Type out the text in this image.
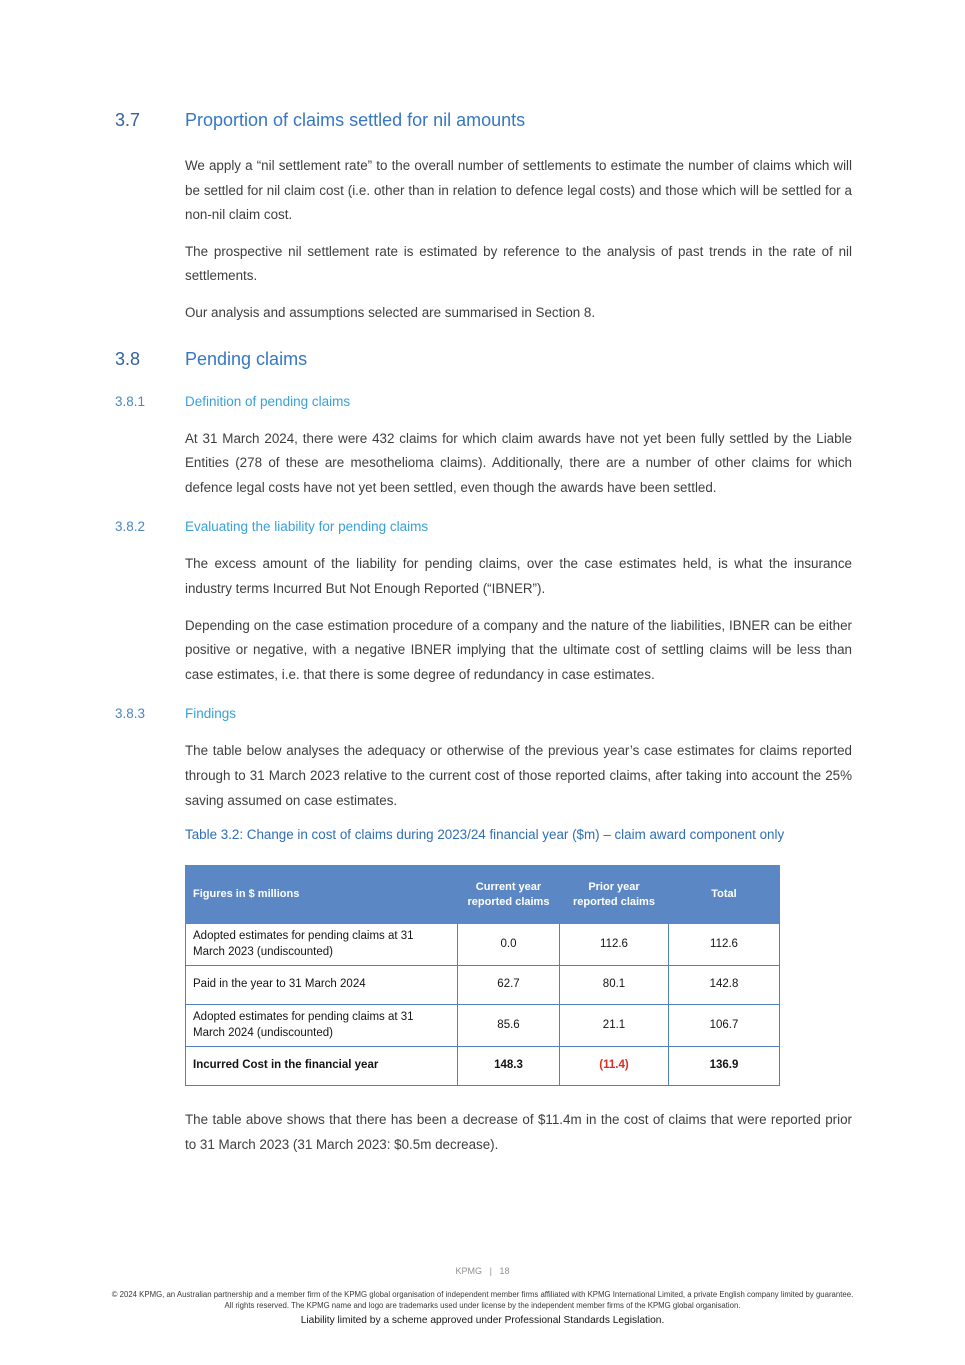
3.7	Proportion of claims settled for nil amounts

We apply a “nil settlement rate” to the overall number of settlements to estimate the number of claims which will be settled for nil claim cost (i.e. other than in relation to defence legal costs) and those which will be settled for a non-nil claim cost.

The prospective nil settlement rate is estimated by reference to the analysis of past trends in the rate of nil settlements.

Our analysis and assumptions selected are summarised in Section 8.

3.8	Pending claims
3.8.1	Definition of pending claims

At 31 March 2024, there were 432 claims for which claim awards have not yet been fully settled by the Liable Entities (278 of these are mesothelioma claims). Additionally, there are a number of other claims for which defence legal costs have not yet been settled, even though the awards have been settled.

3.8.2	Evaluating the liability for pending claims

The excess amount of the liability for pending claims, over the case estimates held, is what the insurance industry terms Incurred But Not Enough Reported (“IBNER”).

Depending on the case estimation procedure of a company and the nature of the liabilities, IBNER can be either positive or negative, with a negative IBNER implying that the ultimate cost of settling claims will be less than case estimates, i.e. that there is some degree of redundancy in case estimates.

3.8.3	Findings

The table below analyses the adequacy or otherwise of the previous year’s case estimates for claims reported through to 31 March 2023 relative to the current cost of those reported claims, after taking into account the 25% saving assumed on case estimates.

Table 3.2: Change in cost of claims during 2023/24 financial year ($m) – claim award component only
Figures in $ millions	Current year reported claims	Prior year reported claims	Total
Adopted estimates for pending claims at 31 March 2023 (undiscounted)	0.0	112.6	112.6
Paid in the year to 31 March 2024	62.7	80.1	142.8
Adopted estimates for pending claims at 31 March 2024 (undiscounted)	85.6	21.1	106.7
Incurred Cost in the financial year	148.3	(11.4)	136.9

The table above shows that there has been a decrease of $11.4m in the cost of claims that were reported prior to 31 March 2023 (31 March 2023: $0.5m decrease).

KPMG | 18

© 2024 KPMG, an Australian partnership and a member firm of the KPMG global organisation of independent member firms affiliated with KPMG International Limited, a private English company limited by guarantee. All rights reserved. The KPMG name and logo are trademarks used under license by the independent member firms of the KPMG global organisation.

Liability limited by a scheme approved under Professional Standards Legislation.
